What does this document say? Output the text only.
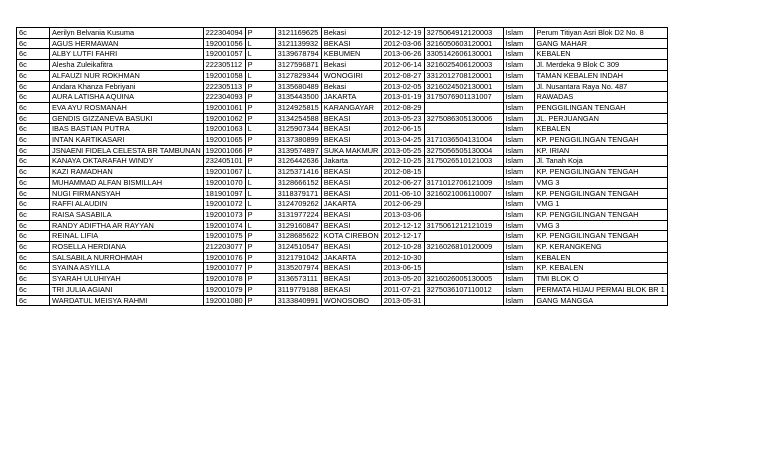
6c	Aerilyn Belvania Kusuma	222304094	P	3121169625	Bekasi	2012-12-19	3275064912120003	Islam	Perum Titiyan Asri Blok D2 No. 8
6c	AGUS HERMAWAN	192001056	L	3121139932	BEKASI	2012-03-06	3216050603120001	Islam	GANG MAHAR
6c	ALBY LUTFI FAHRI	192001057	L	3139678794	KEBUMEN	2013-06-26	3305142606130001	Islam	KEBALEN
6c	Alesha Zuleikafitra	222305112	P	3127596871	Bekasi	2012-06-14	3216025406120003	Islam	Jl. Merdeka 9 Blok C 309
6c	ALFAUZI NUR ROKHMAN	192001058	L	3127829344	WONOGIRI	2012-08-27	3312012708120001	Islam	TAMAN KEBALEN INDAH
6c	Andara Khanza Febriyani	222305113	P	3135680489	Bekasi	2013-02-05	3216024502130001	Islam	Jl. Nusantara Raya No. 487
6c	AURA LATISHA AQUINA	222304093	P	3135443500	JAKARTA	2013-01-19	3175076901131007	Islam	RAWADAS
6c	EVA AYU ROSMANAH	192001061	P	3124925815	KARANGAYAR	2012-08-29		Islam	PENGGILINGAN TENGAH
6c	GENDIS GIZZANEVA BASUKI	192001062	P	3134254588	BEKASI	2013-05-23	3275086305130006	Islam	JL. PERJUANGAN
6c	IBAS BASTIAN PUTRA	192001063	L	3125907344	BEKASI	2012-06-15		Islam	KEBALEN
6c	INTAN KARTIKASARI	192001065	P	3137380899	BEKASI	2013-04-25	3171036504131004	Islam	KP. PENGGILINGAN TENGAH
6c	JSNAENI FIDELA CELESTA BR TAMBUNAN	192001066	P	3139574897	SUKA MAKMUR	2013-05-25	3275056505130004	Islam	KP. IRIAN
6c	KANAYA OKTARAFAH WINDY	232405101	P	3126442636	Jakarta	2012-10-25	3175026510121003	Islam	Jl. Tanah Koja
6c	KAZI RAMADHAN	192001067	L	3125371416	BEKASI	2012-08-15		Islam	KP. PENGGILINGAN TENGAH
6c	MUHAMMAD ALFAN BISMILLAH	192001070	L	3128666152	BEKASI	2012-06-27	3171012706121009	Islam	VMG 3
6c	NUGI FIRMANSYAH	181901097	L	3118379171	BEKASI	2011-06-10	3216021006110007	Islam	KP. PENGGILINGAN TENGAH
6c	RAFFI ALAUDIN	192001072	L	3124709262	JAKARTA	2012-06-29		Islam	VMG 1
6c	RAISA SASABILA	192001073	P	3131977224	BEKASI	2013-03-06		Islam	KP. PENGGILINGAN TENGAH
6c	RANDY ADIFTHA AR RAYYAN	192001074	L	3129160847	BEKASI	2012-12-12	3175061212121019	Islam	VMG 3
6c	REINAL LIFIA	192001075	P	3128685622	KOTA CIREBON	2012-12-17		Islam	KP. PENGGILINGAN TENGAH
6c	ROSELLA HERDIANA	212203077	P	3124510547	BEKASI	2012-10-28	3216026810120009	Islam	KP. KERANGKENG
6c	SALSABILA NURROHMAH	192001076	P	3121791042	JAKARTA	2012-10-30		Islam	KEBALEN
6c	SYAINA ASYILLA	192001077	P	3135207974	BEKASI	2013-06-15		Islam	KP. KEBALEN
6c	SYARAH ULUHIYAH	192001078	P	3136573111	BEKASI	2013-05-20	3216026005130005	Islam	TMI BLOK O
6c	TRI JULIA AGIANI	192001079	P	3119779188	BEKASI	2011-07-21	3275036107110012	Islam	PERMATA HIJAU PERMAI BLOK BR 1
6c	WARDATUL MEISYA RAHMI	192001080	P	3133840991	WONOSOBO	2013-05-31		Islam	GANG MANGGA
